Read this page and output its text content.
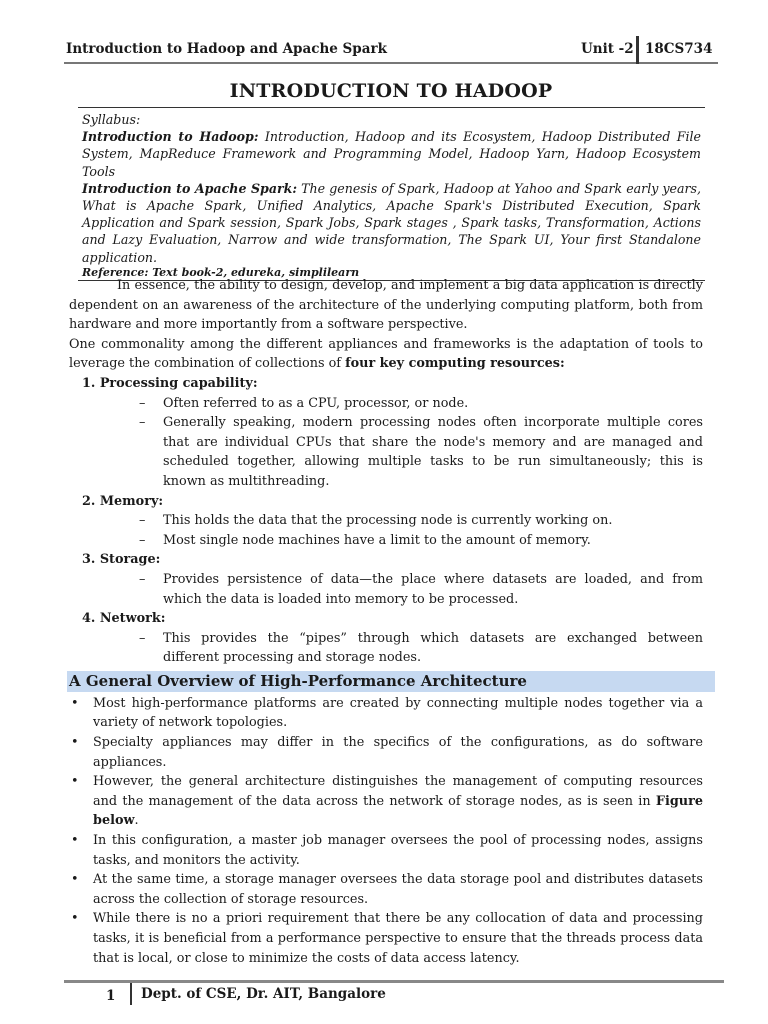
Introduction to Hadoop and Apache Spark	Unit -2 18CS734
INTRODUCTION TO HADOOP
Syllabus:
Introduction to Hadoop: Introduction, Hadoop and its Ecosystem, Hadoop Distributed File System, MapReduce Framework and Programming Model, Hadoop Yarn, Hadoop Ecosystem Tools
Introduction to Apache Spark: The genesis of Spark, Hadoop at Yahoo and Spark early years, What is Apache Spark, Unified Analytics, Apache Spark's Distributed Execution, Spark Application and Spark session, Spark Jobs, Spark stages , Spark tasks, Transformation, Actions and Lazy Evaluation, Narrow and wide transformation, The Spark UI, Your first Standalone application.
Reference: Text book-2, edureka, simplilearn

In essence, the ability to design, develop, and implement a big data application is directly dependent on an awareness of the architecture of the underlying computing platform, both from hardware and more importantly from a software perspective.

One commonality among the different appliances and frameworks is the adaptation of tools to leverage the combination of collections of four key computing resources:

1. Processing capability:

– Often referred to as a CPU, processor, or node.

– Generally speaking, modern processing nodes often incorporate multiple cores that are individual CPUs that share the node's memory and are managed and scheduled together, allowing multiple tasks to be run simultaneously; this is known as multithreading.

2. Memory:

– This holds the data that the processing node is currently working on.

– Most single node machines have a limit to the amount of memory.

3. Storage:

– Provides persistence of data—the place where datasets are loaded, and from which the data is loaded into memory to be processed.

4. Network:

– This provides the “pipes” through which datasets are exchanged between different processing and storage nodes.

A General Overview of High-Performance Architecture

• Most high-performance platforms are created by connecting multiple nodes together via a variety of network topologies.

• Specialty appliances may differ in the specifics of the configurations, as do software appliances.

• However, the general architecture distinguishes the management of computing resources and the management of the data across the network of storage nodes, as is seen in Figure below.

• In this configuration, a master job manager oversees the pool of processing nodes, assigns tasks, and monitors the activity.

• At the same time, a storage manager oversees the data storage pool and distributes datasets across the collection of storage resources.

• While there is no a priori requirement that there be any collocation of data and processing tasks, it is beneficial from a performance perspective to ensure that the threads process data that is local, or close to minimize the costs of data access latency.

1 Dept. of CSE, Dr. AIT, Bangalore
